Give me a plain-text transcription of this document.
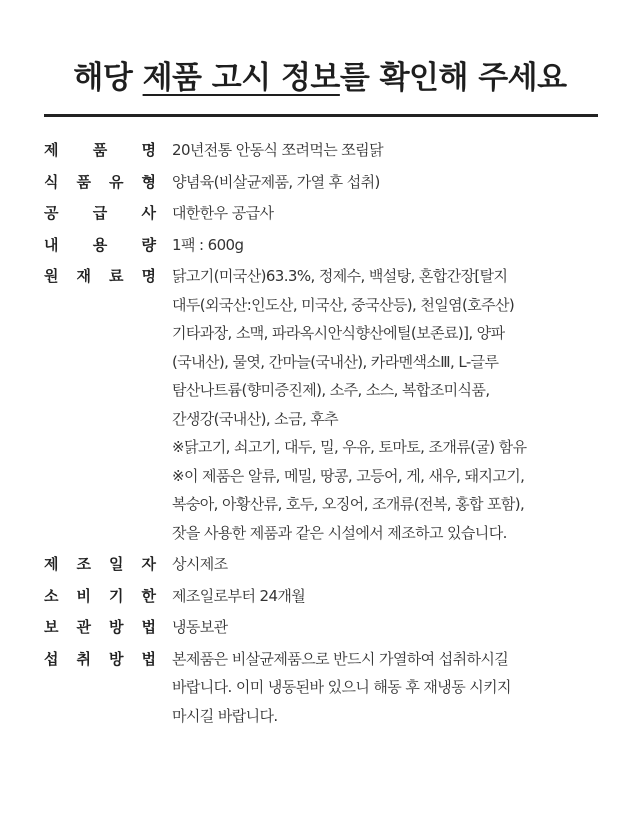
해당 제품 고시 정보를 확인해 주세요
제 품 명 20년전통 안동식 쪼려먹는 쪼림닭
식 품 유 형 양념육(비살균제품, 가열 후 섭취)
공 급 사 대한한우 공급사
내 용 량 1팩 : 600g
원 재 료 명 닭고기(미국산)63.3%, 정제수, 백설탕, 혼합간장[탈지
대두(외국산:인도산, 미국산, 중국산등), 천일염(호주산)
기타과장, 소맥, 파라옥시안식향산에틸(보존료)], 양파
(국내산), 물엿, 간마늘(국내산), 카라멘색소Ⅲ, L-글루
탐산나트륨(향미증진제), 소주, 소스, 복합조미식품,
간생강(국내산), 소금, 후추
※닭고기, 쇠고기, 대두, 밀, 우유, 토마토, 조개류(굴) 함유
※이 제품은 알류, 메밀, 땅콩, 고등어, 게, 새우, 돼지고기,
복숭아, 아황산류, 호두, 오징어, 조개류(전복, 홍합 포함),
잣을 사용한 제품과 같은 시설에서 제조하고 있습니다.
제 조 일 자 상시제조
소 비 기 한 제조일로부터 24개월
보 관 방 법 냉동보관
섭 취 방 법 본제품은 비살균제품으로 반드시 가열하여 섭취하시길
바랍니다. 이미 냉동된바 있으니 해동 후 재냉동 시키지
마시길 바랍니다.
